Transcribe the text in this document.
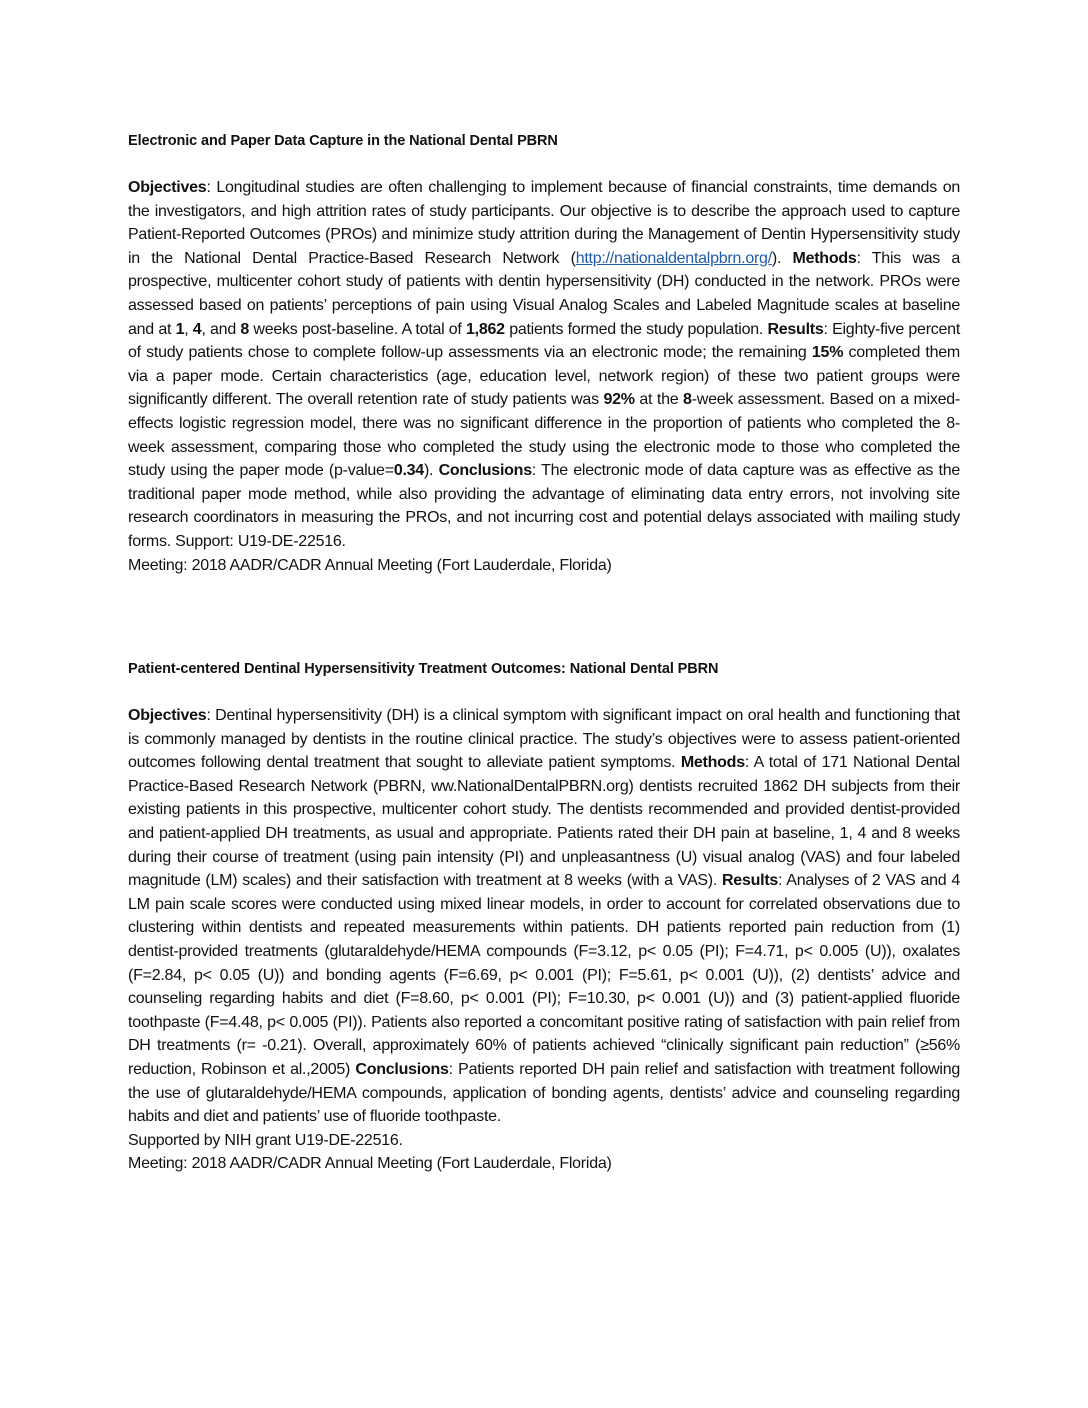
Electronic and Paper Data Capture in the National Dental PBRN
Objectives: Longitudinal studies are often challenging to implement because of financial constraints, time demands on the investigators, and high attrition rates of study participants. Our objective is to describe the approach used to capture Patient-Reported Outcomes (PROs) and minimize study attrition during the Management of Dentin Hypersensitivity study in the National Dental Practice-Based Research Network (http://nationaldentalpbrn.org/). Methods: This was a prospective, multicenter cohort study of patients with dentin hypersensitivity (DH) conducted in the network. PROs were assessed based on patients’ perceptions of pain using Visual Analog Scales and Labeled Magnitude scales at baseline and at 1, 4, and 8 weeks post-baseline. A total of 1,862 patients formed the study population. Results: Eighty-five percent of study patients chose to complete follow-up assessments via an electronic mode; the remaining 15% completed them via a paper mode. Certain characteristics (age, education level, network region) of these two patient groups were significantly different. The overall retention rate of study patients was 92% at the 8-week assessment. Based on a mixed-effects logistic regression model, there was no significant difference in the proportion of patients who completed the 8-week assessment, comparing those who completed the study using the electronic mode to those who completed the study using the paper mode (p-value=0.34). Conclusions: The electronic mode of data capture was as effective as the traditional paper mode method, while also providing the advantage of eliminating data entry errors, not involving site research coordinators in measuring the PROs, and not incurring cost and potential delays associated with mailing study forms. Support: U19-DE-22516.
Meeting: 2018 AADR/CADR Annual Meeting (Fort Lauderdale, Florida)
Patient-centered Dentinal Hypersensitivity Treatment Outcomes: National Dental PBRN
Objectives: Dentinal hypersensitivity (DH) is a clinical symptom with significant impact on oral health and functioning that is commonly managed by dentists in the routine clinical practice. The study’s objectives were to assess patient-oriented outcomes following dental treatment that sought to alleviate patient symptoms. Methods: A total of 171 National Dental Practice-Based Research Network (PBRN, ww.NationalDentalPBRN.org) dentists recruited 1862 DH subjects from their existing patients in this prospective, multicenter cohort study. The dentists recommended and provided dentist-provided and patient-applied DH treatments, as usual and appropriate. Patients rated their DH pain at baseline, 1, 4 and 8 weeks during their course of treatment (using pain intensity (PI) and unpleasantness (U) visual analog (VAS) and four labeled magnitude (LM) scales) and their satisfaction with treatment at 8 weeks (with a VAS). Results: Analyses of 2 VAS and 4 LM pain scale scores were conducted using mixed linear models, in order to account for correlated observations due to clustering within dentists and repeated measurements within patients. DH patients reported pain reduction from (1) dentist-provided treatments (glutaraldehyde/HEMA compounds (F=3.12, p< 0.05 (PI); F=4.71, p< 0.005 (U)), oxalates (F=2.84, p< 0.05 (U)) and bonding agents (F=6.69, p< 0.001 (PI); F=5.61, p< 0.001 (U)), (2) dentists’ advice and counseling regarding habits and diet (F=8.60, p< 0.001 (PI); F=10.30, p< 0.001 (U)) and (3) patient-applied fluoride toothpaste (F=4.48, p< 0.005 (PI)). Patients also reported a concomitant positive rating of satisfaction with pain relief from DH treatments (r= -0.21). Overall, approximately 60% of patients achieved “clinically significant pain reduction” (≥56% reduction, Robinson et al.,2005) Conclusions: Patients reported DH pain relief and satisfaction with treatment following the use of glutaraldehyde/HEMA compounds, application of bonding agents, dentists’ advice and counseling regarding habits and diet and patients’ use of fluoride toothpaste.
Supported by NIH grant U19-DE-22516.
Meeting: 2018 AADR/CADR Annual Meeting (Fort Lauderdale, Florida)
